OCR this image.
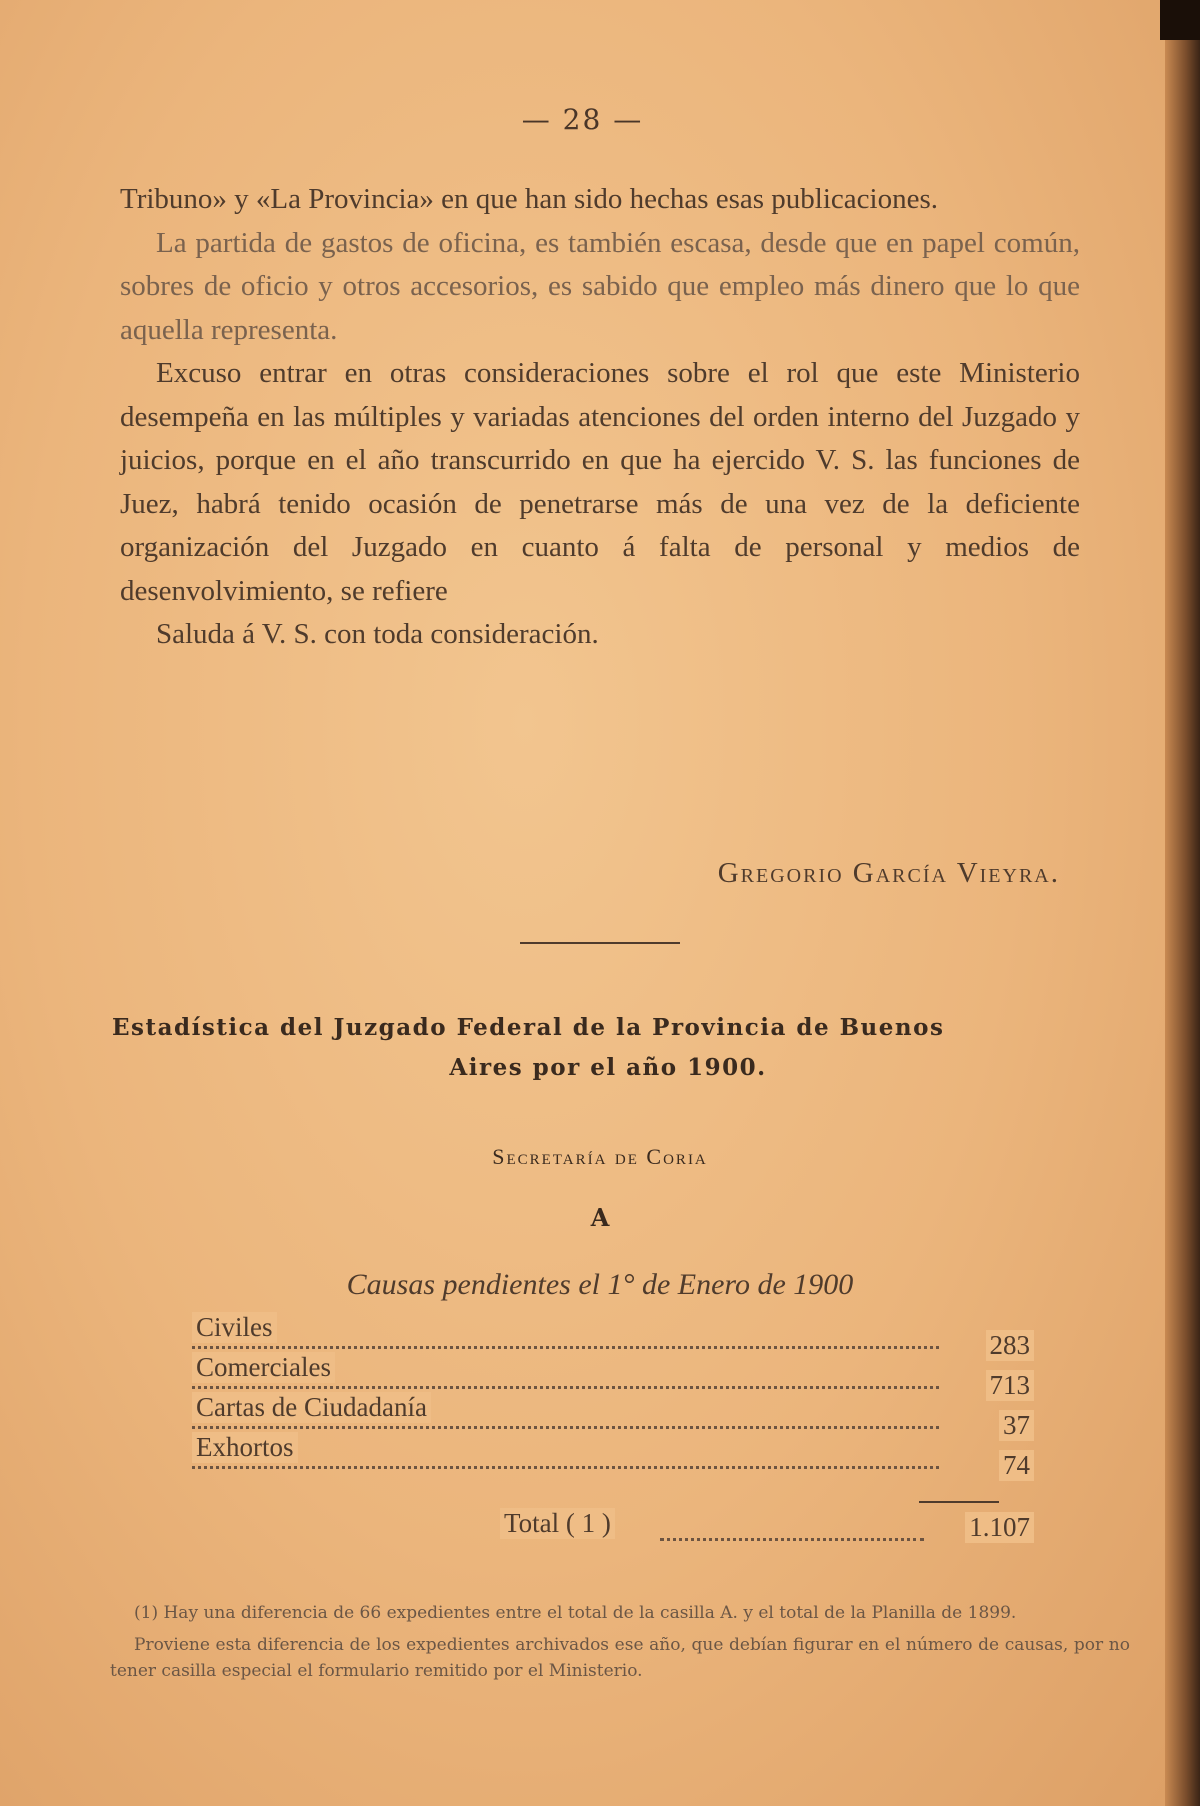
— 28 —

Tribuno» y «La Provincia» en que han sido hechas esas publicaciones.

La partida de gastos de oficina, es también escasa, desde que en papel común, sobres de oficio y otros accesorios, es sabido que empleo más dinero que lo que aquella representa.

Excuso entrar en otras consideraciones sobre el rol que este Ministerio desempeña en las múltiples y variadas atenciones del orden interno del Juzgado y juicios, porque en el año transcurrido en que ha ejercido V. S. las funciones de Juez, habrá tenido ocasión de penetrarse más de una vez de la deficiente organización del Juzgado en cuanto á falta de personal y medios de desenvolvimiento, se refiere

Saluda á V. S. con toda consideración.

Gregorio García Vieyra.
Estadística del Juzgado Federal de la Provincia de Buenos
Aires por el año 1900.
Secretaría de Coria
A
Causas pendientes el 1° de Enero de 1900
Civiles
283
Comerciales
713
Cartas de Ciudadanía
37
Exhortos
74
Total ( 1 )	1.107

(1) Hay una diferencia de 66 expedientes entre el total de la casilla A. y el total de la Planilla de 1899.

Proviene esta diferencia de los expedientes archivados ese año, que debían figurar en el número de causas, por no tener casilla especial el formulario remitido por el Ministerio.
